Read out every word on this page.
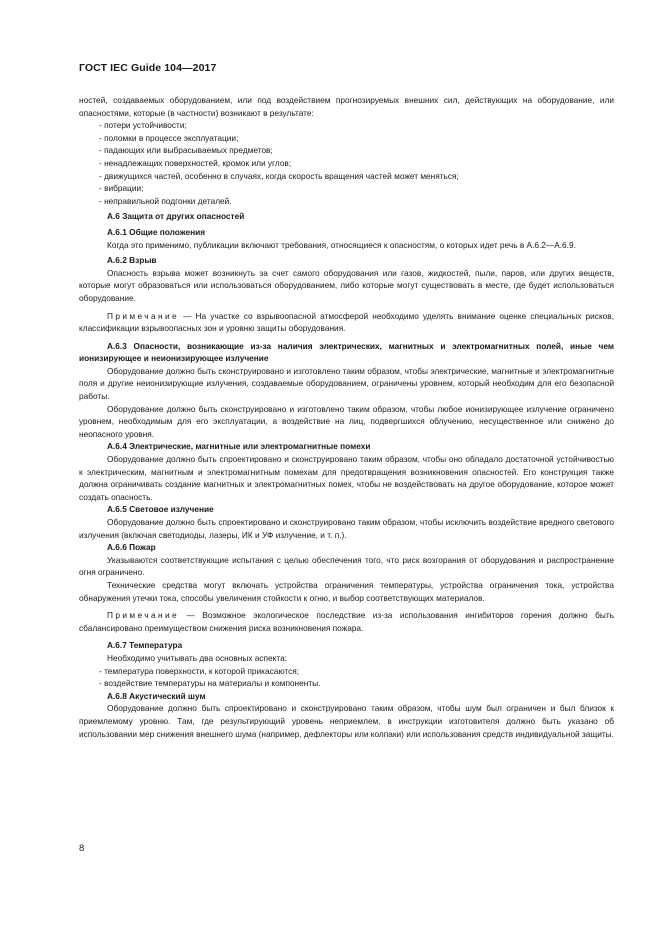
ГОСТ IEC Guide 104—2017

ностей, создаваемых оборудованием, или под воздействием прогнозируемых внешних сил, действующих на оборудование, или опасностями, которые (в частности) возникают в результате:

- потери устойчивости;

- поломки в процессе эксплуатации;

- падающих или выбрасываемых предметов;

- ненадлежащих поверхностей, кромок или углов;

- движущихся частей, особенно в случаях, когда скорость вращения частей может меняться;

- вибрации;

- неправильной подгонки деталей.

А.6 Защита от других опасностей

А.6.1 Общие положения

Когда это применимо, публикации включают требования, относящиеся к опасностям, о которых идет речь в А.6.2—А.6.9.

А.6.2 Взрыв

Опасность взрыва может возникнуть за счет самого оборудования или газов, жидкостей, пыли, паров, или других веществ, которые могут образоваться или использоваться оборудованием, либо которые могут существовать в месте, где будет использоваться оборудование.

Примечание — На участке со взрывоопасной атмосферой необходимо уделять внимание оценке специальных рисков, классификации взрывоопасных зон и уровню защиты оборудования.

А.6.3 Опасности, возникающие из-за наличия электрических, магнитных и электромагнитных полей, иные чем ионизирующее и неионизирующее излучение

Оборудование должно быть сконструировано и изготовлено таким образом, чтобы электрические, магнитные и электромагнитные поля и другие неионизирующие излучения, создаваемые оборудованием, ограничены уровнем, который необходим для его безопасной работы.

Оборудование должно быть сконструировано и изготовлено таким образом, чтобы любое ионизирующее излучение ограничено уровнем, необходимым для его эксплуатации, а воздействие на лиц, подвергшихся облучению, несущественное или снижено до неопасного уровня.

А.6.4 Электрические, магнитные или электромагнитные помехи

Оборудование должно быть спроектировано и сконструировано таким образом, чтобы оно обладало достаточной устойчивостью к электрическим, магнитным и электромагнитным помехам для предотвращения возникновения опасностей. Его конструкция также должна ограничивать создание магнитных и электромагнитных помех, чтобы не воздействовать на другое оборудование, которое может создать опасность.

А.6.5 Световое излучение

Оборудование должно быть спроектировано и сконструировано таким образом, чтобы исключить воздействие вредного светового излучения (включая светодиоды, лазеры, ИК и УФ излучение, и т. п.).

А.6.6 Пожар

Указываются соответствующие испытания с целью обеспечения того, что риск возгорания от оборудования и распространение огня ограничено.

Технические средства могут включать устройства ограничения температуры, устройства ограничения тока, устройства обнаружения утечки тока, способы увеличения стойкости к огню, и выбор соответствующих материалов.

Примечание — Возможное экологическое последствие из-за использования ингибиторов горения должно быть сбалансировано преимуществом снижения риска возникновения пожара.

А.6.7 Температура

Необходимо учитывать два основных аспекта:

- температура поверхности, к которой прикасаются;

- воздействие температуры на материалы и компоненты.

А.6.8 Акустический шум

Оборудование должно быть спроектировано и сконструировано таким образом, чтобы шум был ограничен и был близок к приемлемому уровню. Там, где результирующий уровень неприемлем, в инструкции изготовителя должно быть указано об использовании мер снижения внешнего шума (например, дефлекторы или колпаки) или использования средств индивидуальной защиты.

8
